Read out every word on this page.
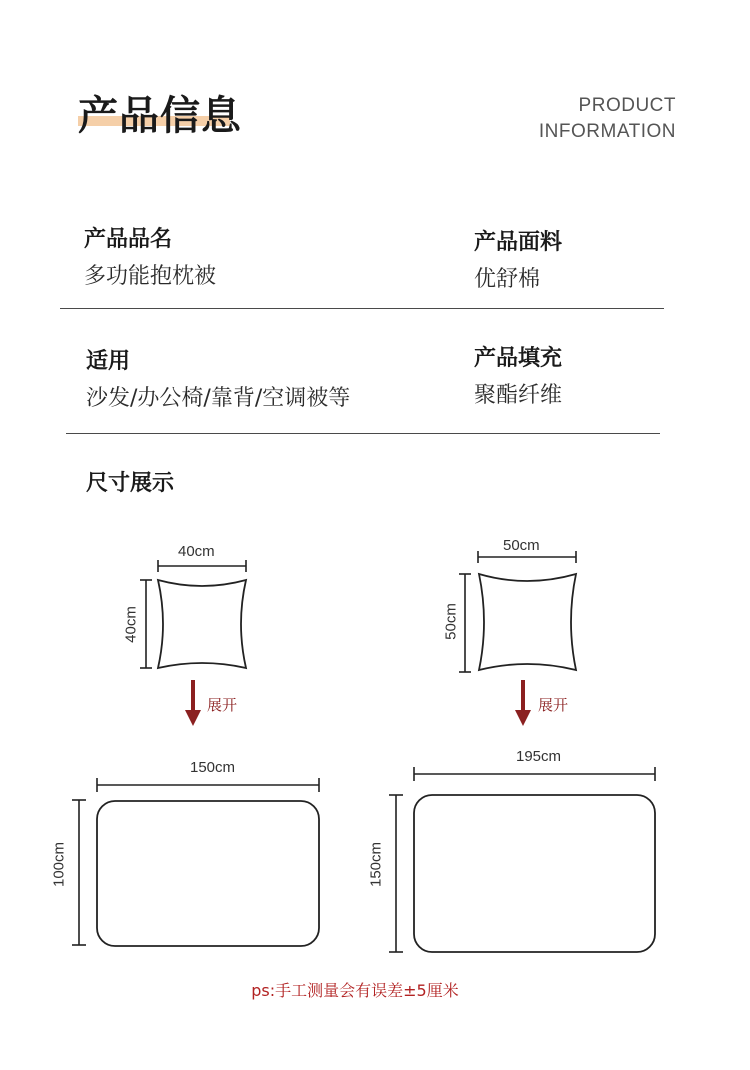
产品信息	PRODUCT
INFORMATION
产品品名
多功能抱枕被
产品面料
优舒棉
适用
沙发/办公椅/靠背/空调被等
产品填充
聚酯纤维
尺寸展示
40cm
40cm
展开
150cm
100cm
50cm
50cm
展开
195cm
150cm
ps:手工测量会有误差±5厘米
